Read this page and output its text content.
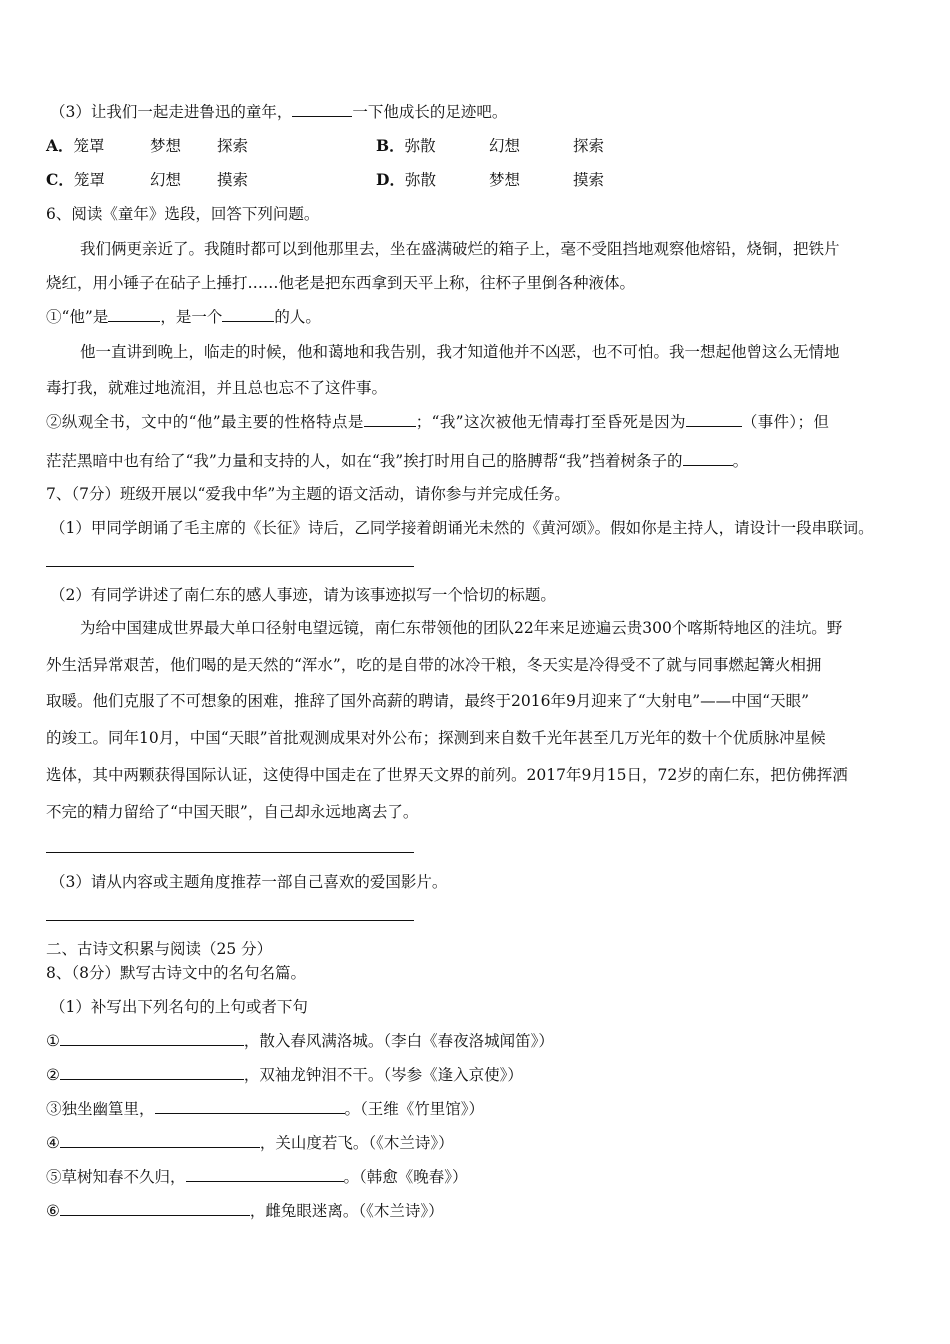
（3）让我们一起走进鲁迅的童年，	一下他成长的足迹吧。
A．笼罩	梦想 探索	B．弥散	幻想	探索
C．笼罩	幻想 摸索	D．弥散	梦想	摸索
6、阅读《童年》选段，回答下列问题。
我们俩更亲近了。我随时都可以到他那里去，坐在盛满破烂的箱子上，毫不受阻挡地观察他熔铅，烧铜，把铁片
烧红，用小锤子在砧子上捶打……他老是把东西拿到天平上称，往杯子里倒各种液体。
①“他”是	，是一个	的人。
他一直讲到晚上，临走的时候，他和蔼地和我告别，我才知道他并不凶恶，也不可怕。我一想起他曾这么无情地
毒打我，就难过地流泪，并且总也忘不了这件事。
②纵观全书，文中的“他”最主要的性格特点是	；“我”这次被他无情毒打至昏死是因为	（事件）；但
茫茫黑暗中也有给了“我”力量和支持的人，如在“我”挨打时用自己的胳膊帮“我”挡着树条子的	。
7、（7分）班级开展以“爱我中华”为主题的语文活动，请你参与并完成任务。
（1）甲同学朗诵了毛主席的《长征》诗后，乙同学接着朗诵光未然的《黄河颂》。假如你是主持人，请设计一段串联词。
（2）有同学讲述了南仁东的感人事迹，请为该事迹拟写一个恰切的标题。
为给中国建成世界最大单口径射电望远镜，南仁东带领他的团队22年来足迹遍云贵300个喀斯特地区的洼坑。野
外生活异常艰苦，他们喝的是天然的“浑水”，吃的是自带的冰冷干粮，冬天实是冷得受不了就与同事燃起篝火相拥
取暖。他们克服了不可想象的困难，推辞了国外高薪的聘请，最终于2016年9月迎来了“大射电”——中国“天眼”
的竣工。同年10月，中国“天眼”首批观测成果对外公布；探测到来自数千光年甚至几万光年的数十个优质脉冲星候
选体，其中两颗获得国际认证，这使得中国走在了世界天文界的前列。2017年9月15日，72岁的南仁东，把仿佛挥洒
不完的精力留给了“中国天眼”，自己却永远地离去了。
（3）请从内容或主题角度推荐一部自己喜欢的爱国影片。
二、古诗文积累与阅读（25 分）
8、（8分）默写古诗文中的名句名篇。
（1）补写出下列名句的上句或者下句
①	，散入春风满洛城。（李白《春夜洛城闻笛》）
②	，双袖龙钟泪不干。（岑参《逢入京使》）
③独坐幽篁里，	。（王维《竹里馆》）
④	，关山度若飞。（《木兰诗》）
⑤草树知春不久归，	。（韩愈《晚春》）
⑥	，雌兔眼迷离。（《木兰诗》）
